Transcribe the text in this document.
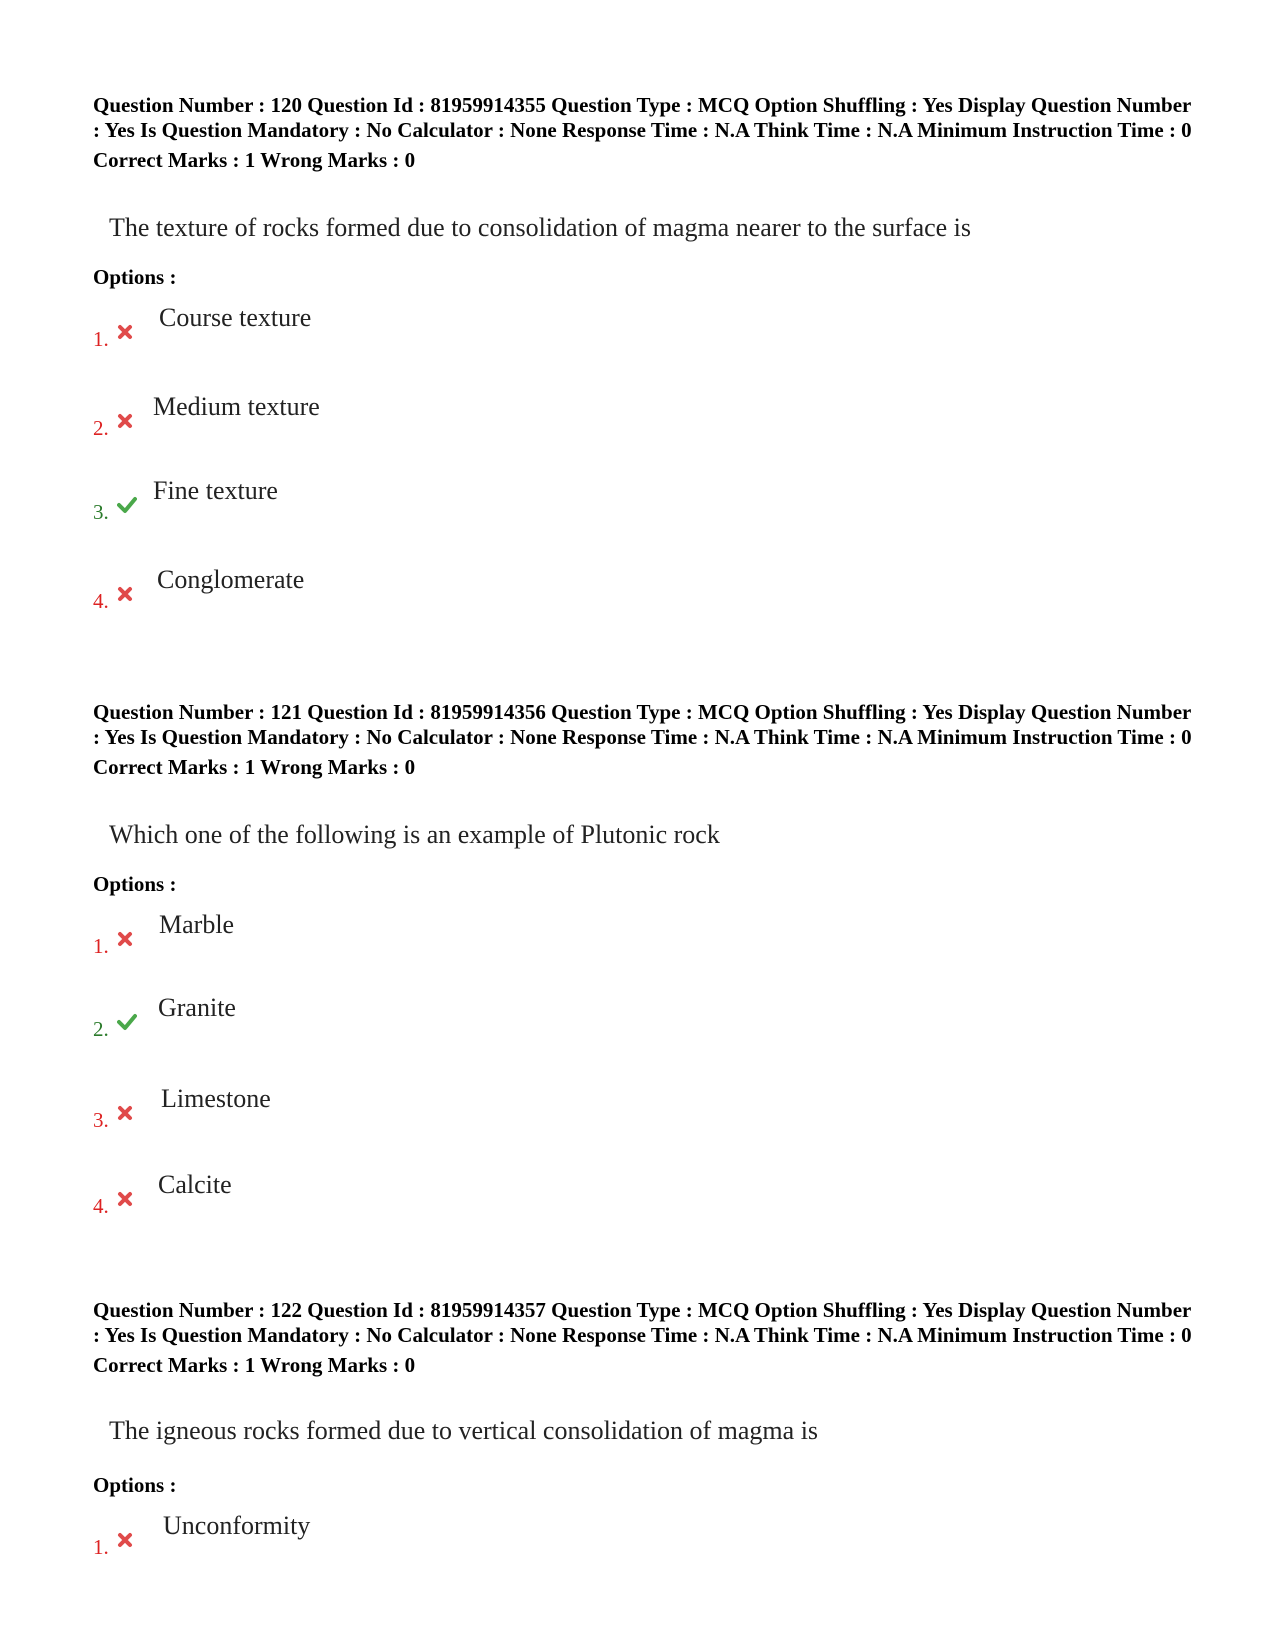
Question Number : 120 Question Id : 81959914355 Question Type : MCQ Option Shuffling : Yes Display Question Number : Yes Is Question Mandatory : No Calculator : None Response Time : N.A Think Time : N.A Minimum Instruction Time : 0
Correct Marks : 1 Wrong Marks : 0
The texture of rocks formed due to consolidation of magma nearer to the surface is
Options :
1.
Course texture
2.
Medium texture
3.
Fine texture
4.
Conglomerate
Question Number : 121 Question Id : 81959914356 Question Type : MCQ Option Shuffling : Yes Display Question Number : Yes Is Question Mandatory : No Calculator : None Response Time : N.A Think Time : N.A Minimum Instruction Time : 0
Correct Marks : 1 Wrong Marks : 0
Which one of the following is an example of Plutonic rock
Options :
1.
Marble
2.
Granite
3.
Limestone
4.
Calcite
Question Number : 122 Question Id : 81959914357 Question Type : MCQ Option Shuffling : Yes Display Question Number : Yes Is Question Mandatory : No Calculator : None Response Time : N.A Think Time : N.A Minimum Instruction Time : 0
Correct Marks : 1 Wrong Marks : 0
The igneous rocks formed due to vertical consolidation of magma is
Options :
1.
Unconformity
